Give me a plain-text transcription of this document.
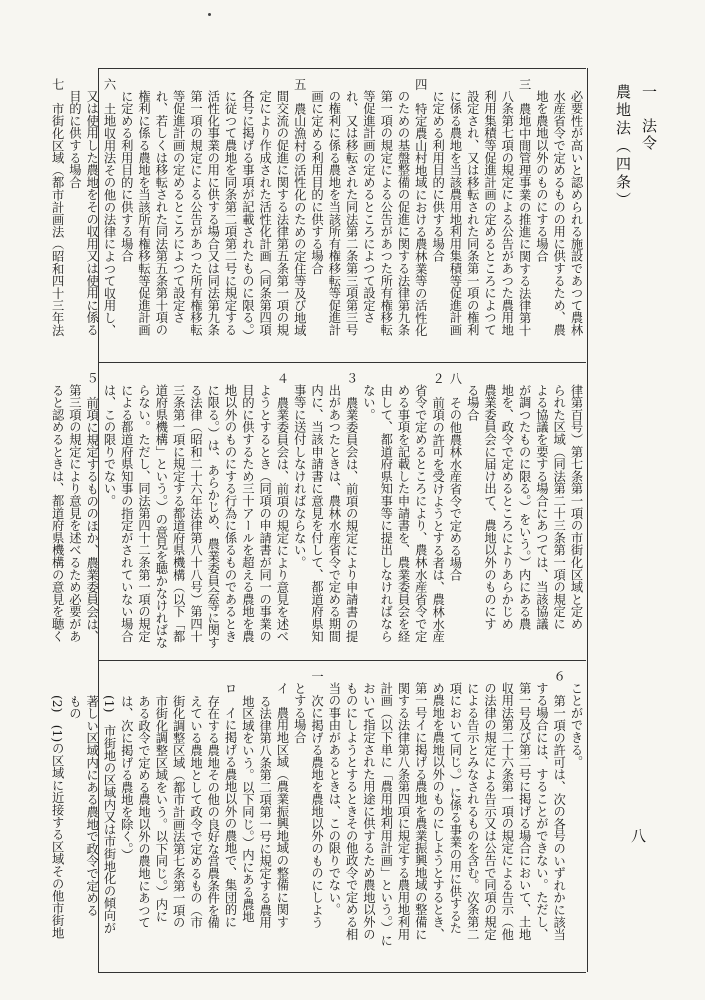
一　法令
農地法（四条）
八

必要性が高いと認められる施設であつて農林

水産省令で定めるものの用に供するため、農

地を農地以外のものにする場合

三　農地中間管理事業の推進に関する法律第十

八条第七項の規定による公告があつた農用地

利用集積等促進計画の定めるところによつて

設定され、又は移転された同条第一項の権利

に係る農地を当該農用地利用集積等促進計画

に定める利用目的に供する場合

四　特定農山村地域における農林業等の活性化

のための基盤整備の促進に関する法律第九条

第一項の規定による公告があつた所有権移転

等促進計画の定めるところによつて設定さ

れ、又は移転された同法第二条第三項第三号

の権利に係る農地を当該所有権移転等促進計

画に定める利用目的に供する場合

五　農山漁村の活性化のための定住等及び地域

間交流の促進に関する法律第五条第一項の規

定により作成された活性化計画（同条第四項

各号に掲げる事項が記載されたものに限る。）

に従つて農地を同条第二項第二号に規定する

活性化事業の用に供する場合又は同法第九条

第一項の規定による公告があつた所有権移転

等促進計画の定めるところによつて設定さ

れ、若しくは移転された同法第五条第十項の

権利に係る農地を当該所有権移転等促進計画

に定める利用目的に供する場合

六　土地収用法その他の法律によつて収用し、

又は使用した農地をその収用又は使用に係る

目的に供する場合

七　市街化区域（都市計画法（昭和四十三年法

律第百号）第七条第一項の市街化区域と定め

られた区域（同法第二十三条第一項の規定に

よる協議を要する場合にあつては、当該協議

が調つたものに限る。）をいう。）内にある農

地を、政令で定めるところによりあらかじめ

農業委員会に届け出て、農地以外のものにす

る場合

八　その他農林水産省令で定める場合

２　前項の許可を受けようとする者は、農林水産

省令で定めるところにより、農林水産省令で定

める事項を記載した申請書を、農業委員会を経

由して、都道府県知事等に提出しなければなら

ない。

３　農業委員会は、前項の規定により申請書の提

出があつたときは、農林水産省令で定める期間

内に、当該申請書に意見を付して、都道府県知

事等に送付しなければならない。

４　農業委員会は、前項の規定により意見を述べ

ようとするとき（同項の申請書が同一の事業の

目的に供するため三十アールを超える農地を農

地以外のものにする行為に係るものであるとき

に限る。）は、あらかじめ、農業委員会等に関す

る法律（昭和二十六年法律第八十八号）第四十

三条第一項に規定する都道府県機構（以下「都

道府県機構」という。）の意見を聴かなければな

らない。ただし、同法第四十二条第一項の規定

による都道府県知事の指定がされていない場合

は、この限りでない。

５　前項に規定するもののほか、農業委員会は、

第三項の規定により意見を述べるため必要があ

ると認めるときは、都道府県機構の意見を聴く

ことができる。

６　第一項の許可は、次の各号のいずれかに該当

する場合には、することができない。ただし、

第一号及び第二号に掲げる場合において、土地

収用法第二十六条第一項の規定による告示（他

の法律の規定による告示又は公告で同項の規定

による告示とみなされるものを含む。次条第二

項において同じ。）に係る事業の用に供するた

め農地を農地以外のものにしようとするとき、

第一号イに掲げる農地を農業振興地域の整備に

関する法律第八条第四項に規定する農用地利用

計画（以下単に「農用地利用計画」という。）に

おいて指定された用途に供するため農地以外の

ものにしようとするときその他政令で定める相

当の事由があるときは、この限りでない。

一　次に掲げる農地を農地以外のものにしよう

とする場合

イ　農用地区域（農業振興地域の整備に関す

る法律第八条第二項第一号に規定する農用

地区域をいう。以下同じ。）内にある農地

ロ　イに掲げる農地以外の農地で、集団的に

存在する農地その他の良好な営農条件を備

えている農地として政令で定めるもの（市

街化調整区域（都市計画法第七条第一項の

市街化調整区域をいう。以下同じ。）内に

ある政令で定める農地以外の農地にあつて

は、次に掲げる農地を除く。）

(1)　市街地の区域内又は市街地化の傾向が

著しい区域内にある農地で政令で定める

もの

(2)　(1)の区域に近接する区域その他市街地
